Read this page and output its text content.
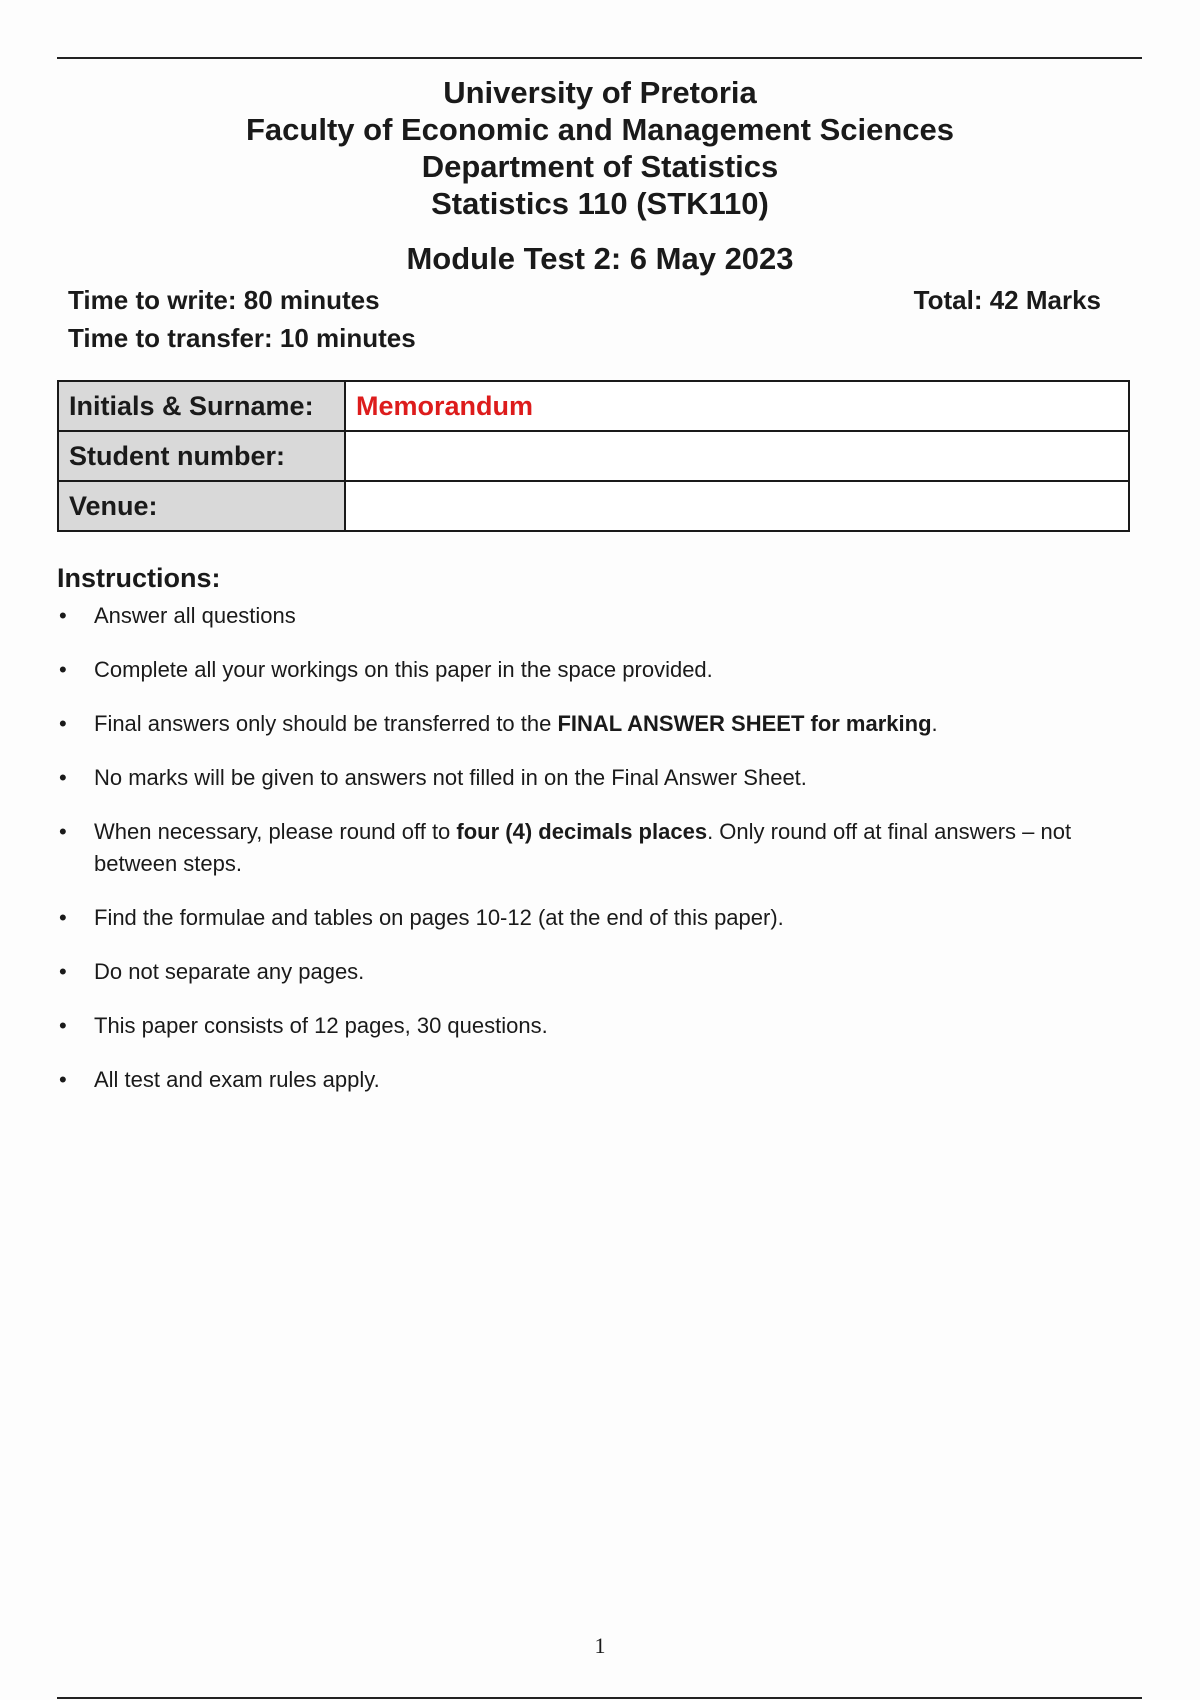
University of Pretoria
Faculty of Economic and Management Sciences
Department of Statistics
Statistics 110 (STK110)
Module Test 2: 6 May 2023
Time to write: 80 minutes
Time to transfer: 10 minutes
Total: 42 Marks
Initials & Surname:	Memorandum
Student number:	
Venue:	
Instructions:
• Answer all questions
• Complete all your workings on this paper in the space provided.
• Final answers only should be transferred to the FINAL ANSWER SHEET for marking.
• No marks will be given to answers not filled in on the Final Answer Sheet.
• When necessary, please round off to four (4) decimals places. Only round off at final answers – not between steps.
• Find the formulae and tables on pages 10-12 (at the end of this paper).
• Do not separate any pages.
• This paper consists of 12 pages, 30 questions.
• All test and exam rules apply.
1
